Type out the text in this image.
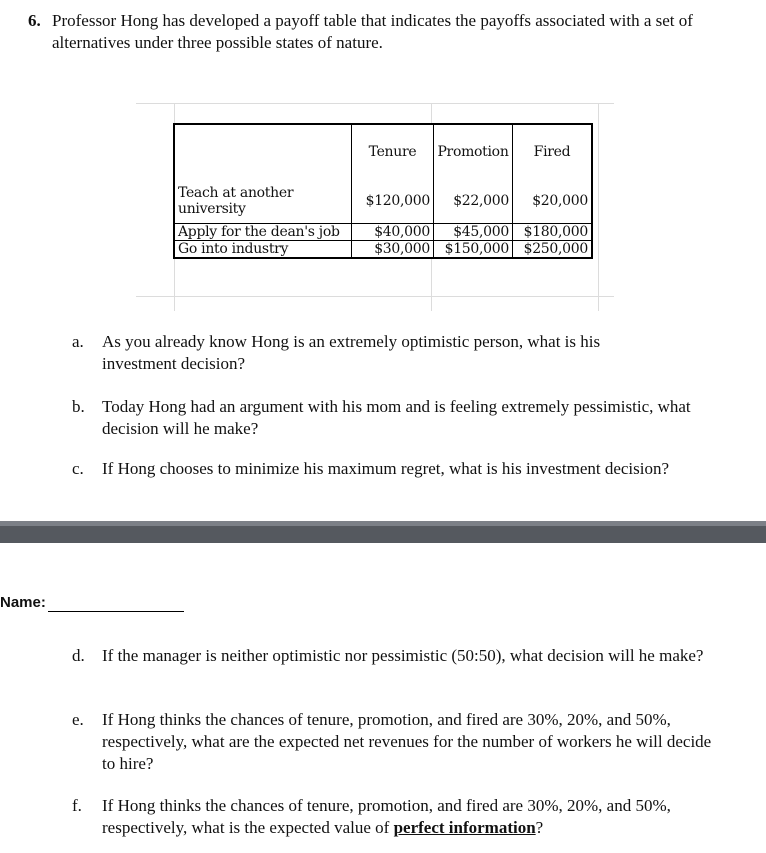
6. Professor Hong has developed a payoff table that indicates the payoffs associated with a set of alternatives under three possible states of nature.
	Tenure	Promotion	Fired

Teach at another
university	$120,000	$22,000	$20,000
Apply for the dean's job	$40,000	$45,000	$180,000
Go into industry	$30,000	$150,000	$250,000
a. As you already know Hong is an extremely optimistic person, what is his investment decision?
b. Today Hong had an argument with his mom and is feeling extremely pessimistic, what decision will he make?
c. If Hong chooses to minimize his maximum regret, what is his investment decision?
Name:
d. If the manager is neither optimistic nor pessimistic (50:50), what decision will he make?
e. If Hong thinks the chances of tenure, promotion, and fired are 30%, 20%, and 50%, respectively, what are the expected net revenues for the number of workers he will decide to hire?
f. If Hong thinks the chances of tenure, promotion, and fired are 30%, 20%, and 50%, respectively, what is the expected value of perfect information?
